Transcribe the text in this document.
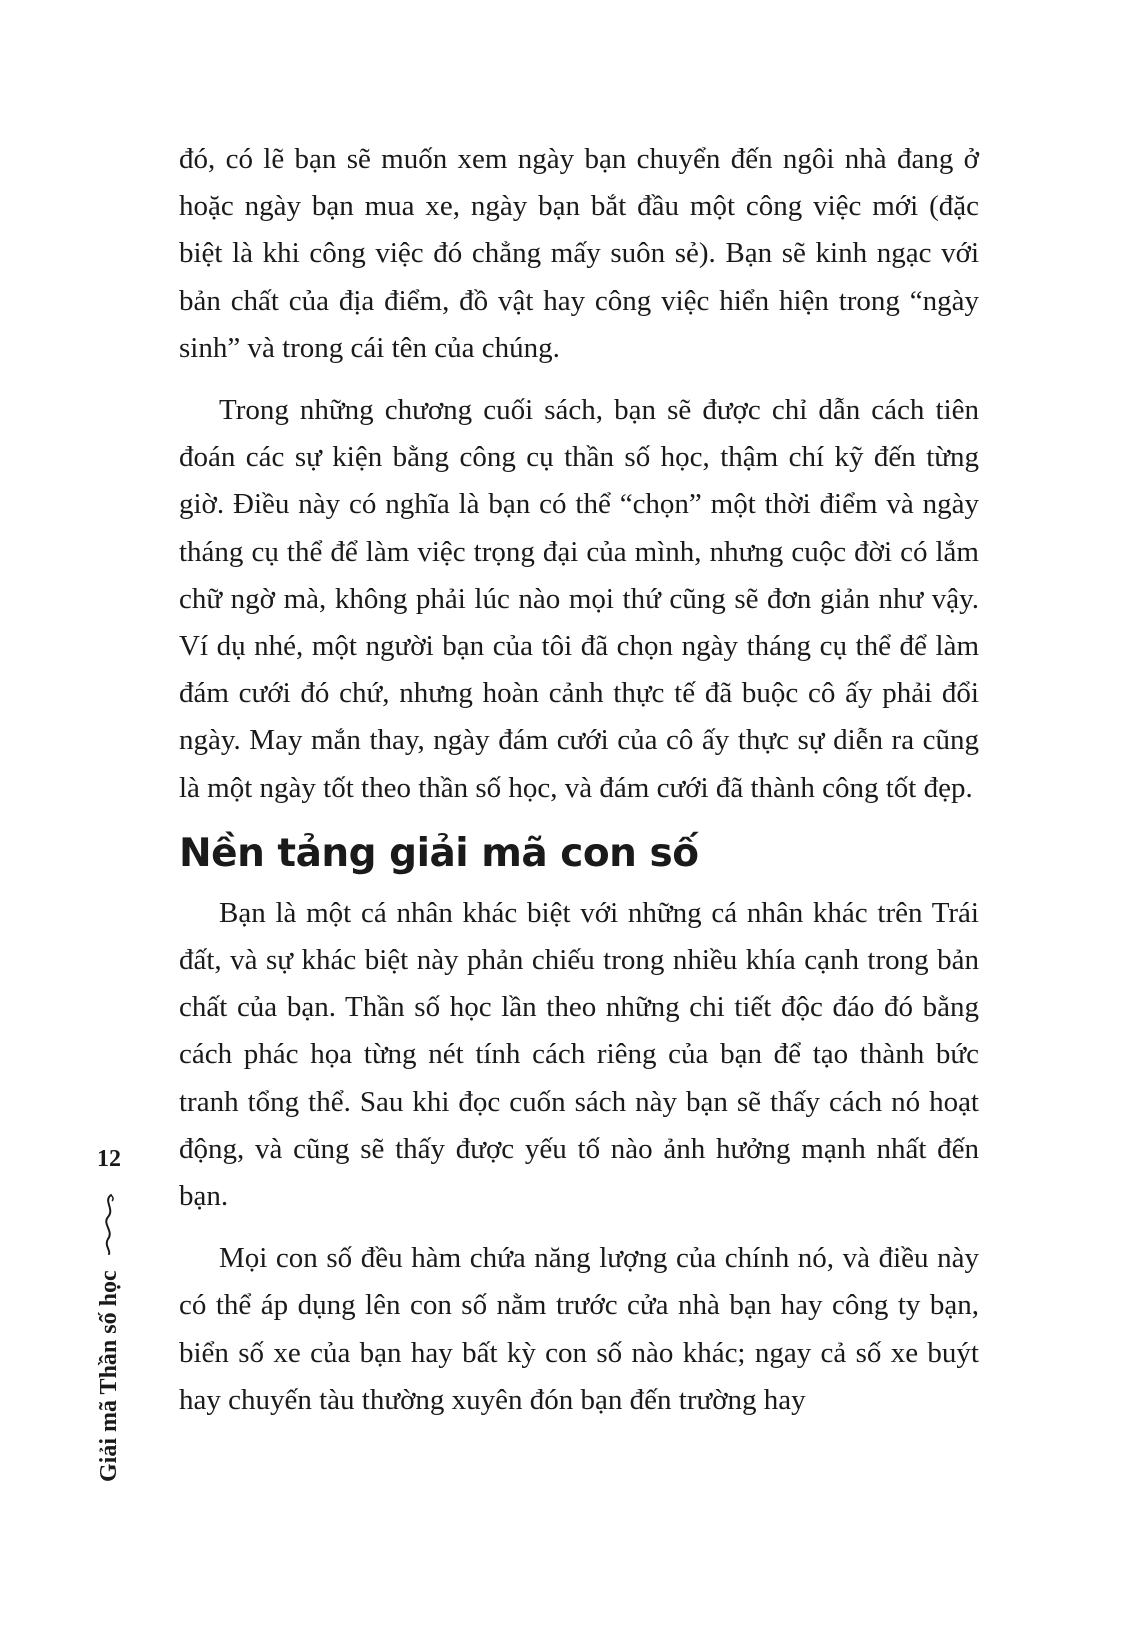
đó, có lẽ bạn sẽ muốn xem ngày bạn chuyển đến ngôi nhà đang ở hoặc ngày bạn mua xe, ngày bạn bắt đầu một công việc mới (đặc biệt là khi công việc đó chẳng mấy suôn sẻ). Bạn sẽ kinh ngạc với bản chất của địa điểm, đồ vật hay công việc hiển hiện trong “ngày sinh” và trong cái tên của chúng.

Trong những chương cuối sách, bạn sẽ được chỉ dẫn cách tiên đoán các sự kiện bằng công cụ thần số học, thậm chí kỹ đến từng giờ. Điều này có nghĩa là bạn có thể “chọn” một thời điểm và ngày tháng cụ thể để làm việc trọng đại của mình, nhưng cuộc đời có lắm chữ ngờ mà, không phải lúc nào mọi thứ cũng sẽ đơn giản như vậy. Ví dụ nhé, một người bạn của tôi đã chọn ngày tháng cụ thể để làm đám cưới đó chứ, nhưng hoàn cảnh thực tế đã buộc cô ấy phải đổi ngày. May mắn thay, ngày đám cưới của cô ấy thực sự diễn ra cũng là một ngày tốt theo thần số học, và đám cưới đã thành công tốt đẹp.

Nền tảng giải mã con số

Bạn là một cá nhân khác biệt với những cá nhân khác trên Trái đất, và sự khác biệt này phản chiếu trong nhiều khía cạnh trong bản chất của bạn. Thần số học lần theo những chi tiết độc đáo đó bằng cách phác họa từng nét tính cách riêng của bạn để tạo thành bức tranh tổng thể. Sau khi đọc cuốn sách này bạn sẽ thấy cách nó hoạt động, và cũng sẽ thấy được yếu tố nào ảnh hưởng mạnh nhất đến bạn.

Mọi con số đều hàm chứa năng lượng của chính nó, và điều này có thể áp dụng lên con số nằm trước cửa nhà bạn hay công ty bạn, biển số xe của bạn hay bất kỳ con số nào khác; ngay cả số xe buýt hay chuyến tàu thường xuyên đón bạn đến trường hay

12
Giải mã Thần số học
